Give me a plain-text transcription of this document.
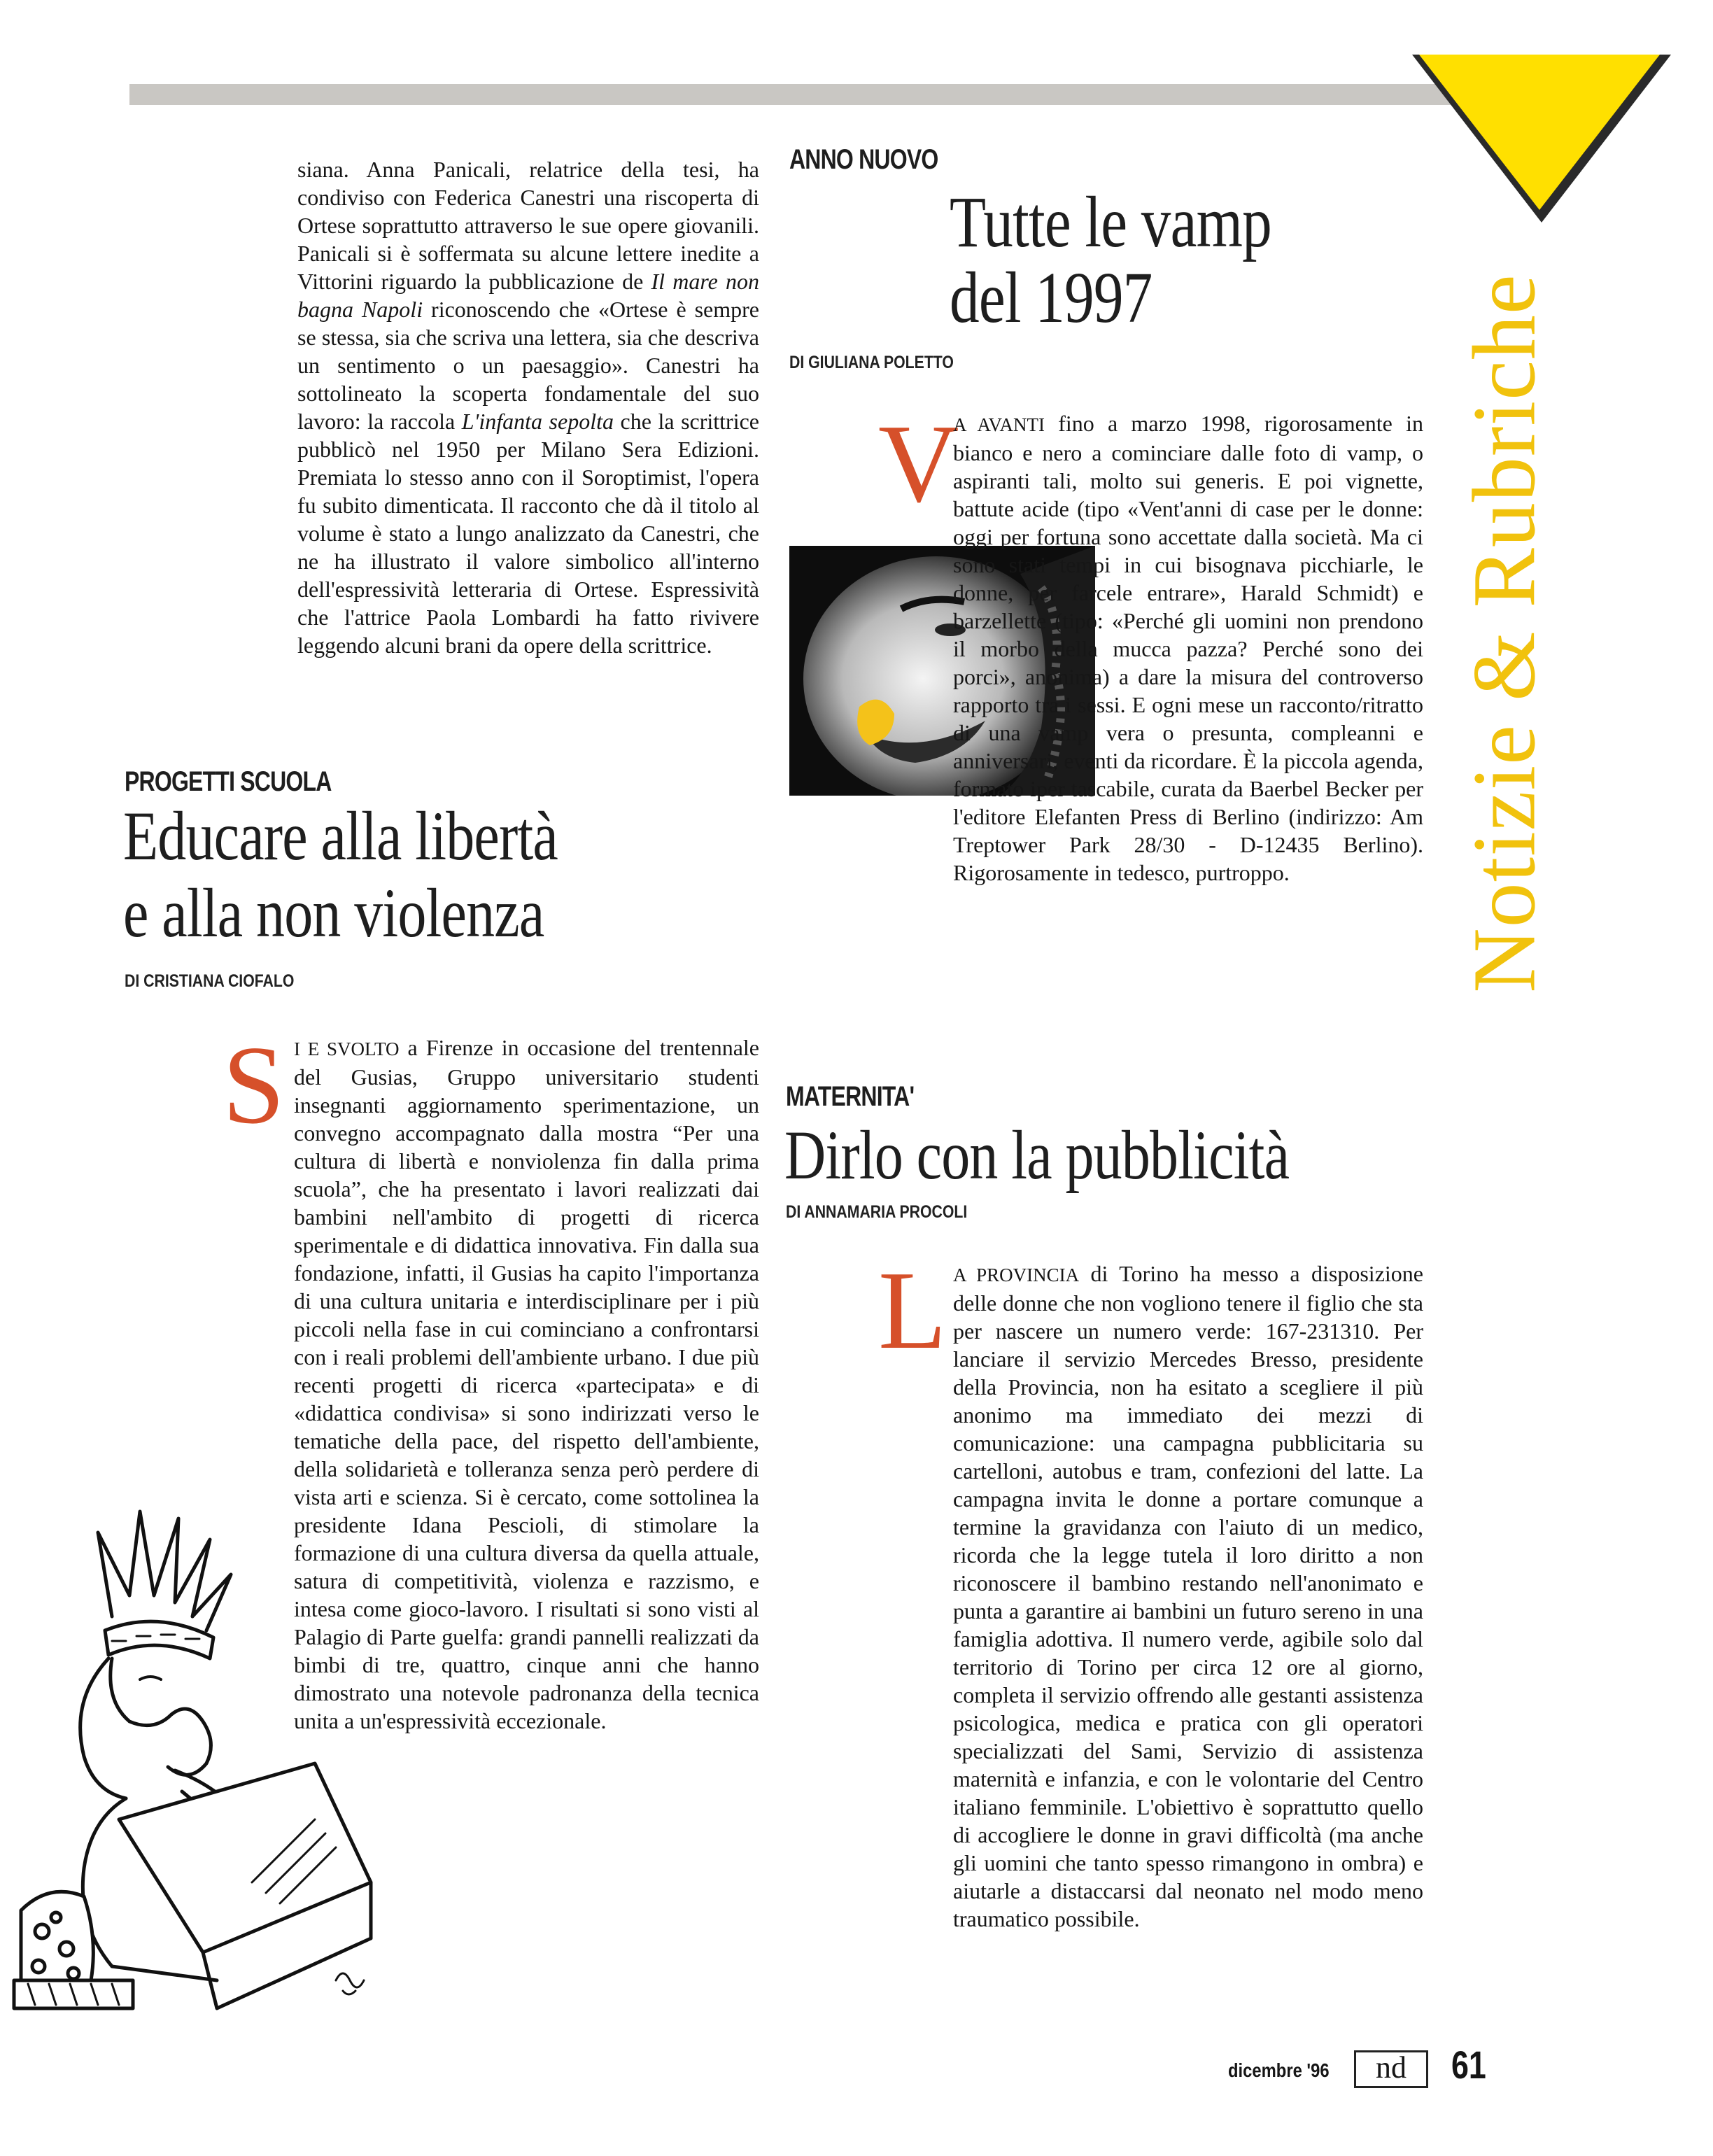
Notizie & Rubriche

siana. Anna Panicali, relatrice della tesi, ha condiviso con Federica Canestri una riscoperta di Ortese soprattutto attraverso le sue opere giovanili. Panicali si è soffermata su alcune lettere inedite a Vittorini riguardo la pubblicazione de Il mare non bagna Napoli riconoscendo che «Ortese è sempre se stessa, sia che scriva una lettera, sia che descriva un sentimento o un paesaggio». Canestri ha sottolineato la scoperta fondamentale del suo lavoro: la raccola L'infanta sepolta che la scrittrice pubblicò nel 1950 per Milano Sera Edizioni. Premiata lo stesso anno con il Soroptimist, l'opera fu subito dimenticata. Il racconto che dà il titolo al volume è stato a lungo analizzato da Canestri, che ne ha illustrato il valore simbolico all'interno dell'espressività letteraria di Ortese. Espressività che l'attrice Paola Lombardi ha fatto rivivere leggendo alcuni brani da opere della scrittrice.

PROGETTI SCUOLA
Educare alla libertà
e alla non violenza

DI CRISTIANA CIOFALO

S I E SVOLTO a Firenze in occasione del trentennale del Gusias, Gruppo universitario studenti insegnanti aggiornamento sperimentazione, un convegno accompagnato dalla mostra “Per una cultura di libertà e nonviolenza fin dalla prima scuola”, che ha presentato i lavori realizzati dai bambini nell'ambito di progetti di ricerca sperimentale e di didattica innovativa. Fin dalla sua fondazione, infatti, il Gusias ha capito l'importanza di una cultura unitaria e interdisciplinare per i più piccoli nella fase in cui cominciano a confrontarsi con i reali problemi dell'ambiente urbano. I due più recenti progetti di ricerca «partecipata» e di «didattica condivisa» si sono indirizzati verso le tematiche della pace, del rispetto dell'ambiente, della solidarietà e tolleranza senza però perdere di vista arti e scienza. Si è cercato, come sottolinea la presidente Idana Pescioli, di stimolare la formazione di una cultura diversa da quella attuale, satura di competitività, violenza e razzismo, e intesa come gioco-lavoro. I risultati si sono visti al Palagio di Parte guelfa: grandi pannelli realizzati da bimbi di tre, quattro, cinque anni che hanno dimostrato una notevole padronanza della tecnica unita a un'espressività eccezionale.

ANNO NUOVO
Tutte le vamp
del 1997

DI GIULIANA POLETTO

V

A AVANTI fino a marzo 1998, rigorosamente in bianco e nero a cominciare dalle foto di vamp, o aspiranti tali, molto sui generis. E poi vignette, battute acide (tipo «Vent'anni di case per le donne: oggi per fortuna sono accettate dalla società. Ma ci sono stati tempi in cui bisognava picchiarle, le donne, per farcele entrare», Harald Schmidt) e barzellette (tipo: «Perché gli uomini non prendono il morbo della mucca pazza? Perché sono dei porci», anonima) a dare la misura del controverso rapporto tra i sessi. E ogni mese un racconto/ritratto di una vamp vera o presunta, compleanni e anniversari, eventi da ricordare. È la piccola agenda, formato iper tascabile, curata da Baerbel Becker per l'editore Elefanten Press di Berlino (indirizzo: Am Treptower Park 28/30 - D-12435 Berlino). Rigorosamente in tedesco, purtroppo.

MATERNITA'
Dirlo con la pubblicità

DI ANNAMARIA PROCOLI

L A PROVINCIA di Torino ha messo a disposizione delle donne che non vogliono tenere il figlio che sta per nascere un numero verde: 167-231310. Per lanciare il servizio Mercedes Bresso, presidente della Provincia, non ha esitato a scegliere il più anonimo ma immediato dei mezzi di comunicazione: una campagna pubblicitaria su cartelloni, autobus e tram, confezioni del latte. La campagna invita le donne a portare comunque a termine la gravidanza con l'aiuto di un medico, ricorda che la legge tutela il loro diritto a non riconoscere il bambino restando nell'anonimato e punta a garantire ai bambini un futuro sereno in una famiglia adottiva. Il numero verde, agibile solo dal territorio di Torino per circa 12 ore al giorno, completa il servizio offrendo alle gestanti assistenza psicologica, medica e pratica con gli operatori specializzati del Sami, Servizio di assistenza maternità e infanzia, e con le volontarie del Centro italiano femminile. L'obiettivo è soprattutto quello di accogliere le donne in gravi difficoltà (ma anche gli uomini che tanto spesso rimangono in ombra) e aiutarle a distaccarsi dal neonato nel modo meno traumatico possibile.

dicembre '96	nd	61
